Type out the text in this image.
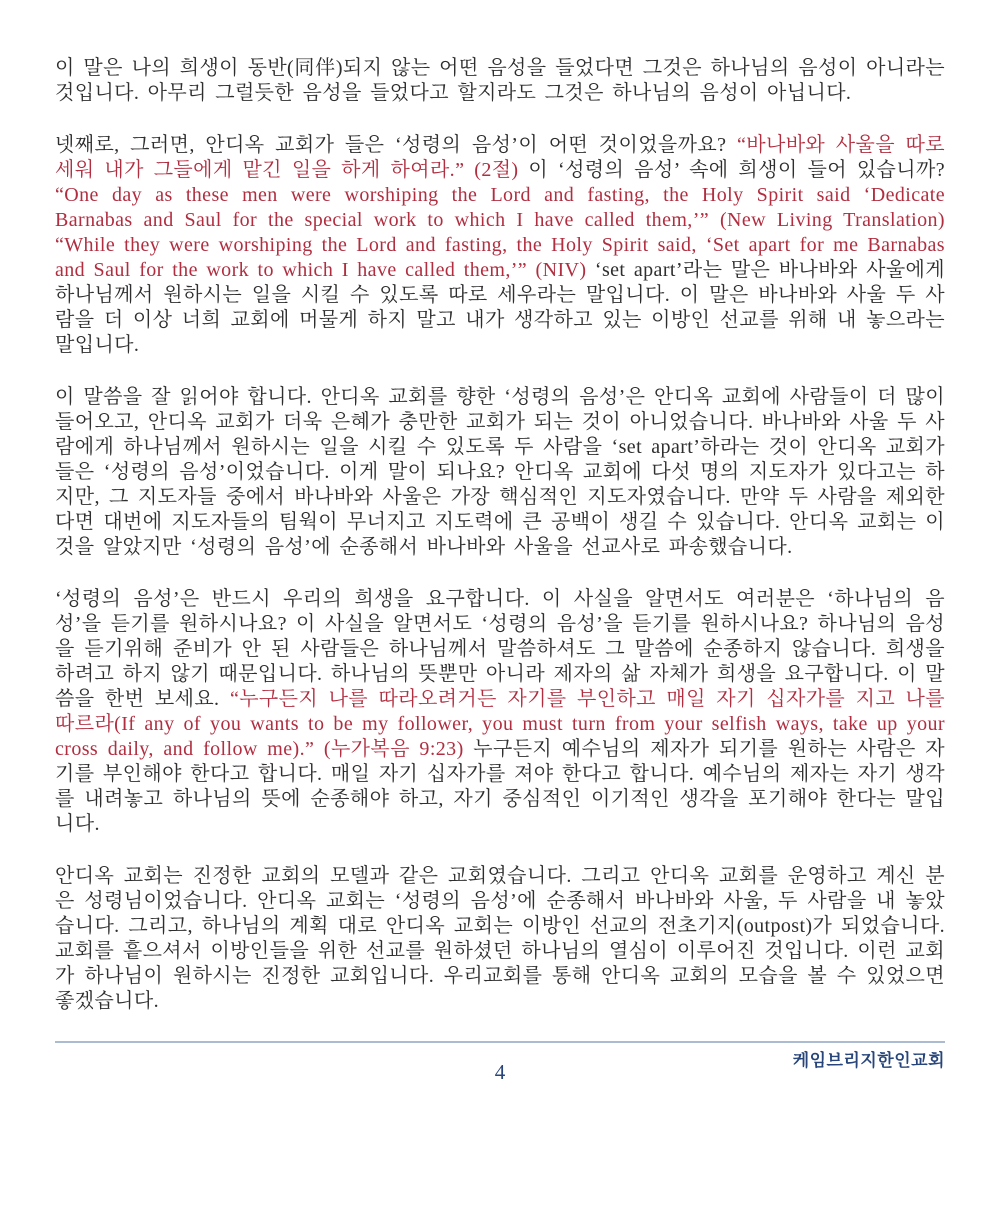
이 말은 나의 희생이 동반(同伴)되지 않는 어떤 음성을 들었다면 그것은 하나님의 음성이 아니라는 것입니다. 아무리 그럴듯한 음성을 들었다고 할지라도 그것은 하나님의 음성이 아닙니다.

넷째로, 그러면, 안디옥 교회가 들은 ‘성령의 음성’이 어떤 것이었을까요? “바나바와 사울을 따로 세워 내가 그들에게 맡긴 일을 하게 하여라.” (2절) 이 ‘성령의 음성’ 속에 희생이 들어 있습니까? “One day as these men were worshiping the Lord and fasting, the Holy Spirit said ‘Dedicate Barnabas and Saul for the special work to which I have called them,’” (New Living Translation) “While they were worshiping the Lord and fasting, the Holy Spirit said, ‘Set apart for me Barnabas and Saul for the work to which I have called them,’” (NIV) ‘set apart’라는 말은 바나바와 사울에게 하나님께서 원하시는 일을 시킬 수 있도록 따로 세우라는 말입니다. 이 말은 바나바와 사울 두 사람을 더 이상 너희 교회에 머물게 하지 말고 내가 생각하고 있는 이방인 선교를 위해 내 놓으라는 말입니다.

이 말씀을 잘 읽어야 합니다. 안디옥 교회를 향한 ‘성령의 음성’은 안디옥 교회에 사람들이 더 많이 들어오고, 안디옥 교회가 더욱 은혜가 충만한 교회가 되는 것이 아니었습니다. 바나바와 사울 두 사람에게 하나님께서 원하시는 일을 시킬 수 있도록 두 사람을 ‘set apart’하라는 것이 안디옥 교회가 들은 ‘성령의 음성’이었습니다. 이게 말이 되나요? 안디옥 교회에 다섯 명의 지도자가 있다고는 하지만, 그 지도자들 중에서 바나바와 사울은 가장 핵심적인 지도자였습니다. 만약 두 사람을 제외한다면 대번에 지도자들의 팀웍이 무너지고 지도력에 큰 공백이 생길 수 있습니다. 안디옥 교회는 이것을 알았지만 ‘성령의 음성’에 순종해서 바나바와 사울을 선교사로 파송했습니다.

‘성령의 음성’은 반드시 우리의 희생을 요구합니다. 이 사실을 알면서도 여러분은 ‘하나님의 음성’을 듣기를 원하시나요? 이 사실을 알면서도 ‘성령의 음성’을 듣기를 원하시나요? 하나님의 음성을 듣기위해 준비가 안 된 사람들은 하나님께서 말씀하셔도 그 말씀에 순종하지 않습니다. 희생을 하려고 하지 않기 때문입니다. 하나님의 뜻뿐만 아니라 제자의 삶 자체가 희생을 요구합니다. 이 말씀을 한번 보세요. “누구든지 나를 따라오려거든 자기를 부인하고 매일 자기 십자가를 지고 나를 따르라(If any of you wants to be my follower, you must turn from your selfish ways, take up your cross daily, and follow me).” (누가복음 9:23) 누구든지 예수님의 제자가 되기를 원하는 사람은 자기를 부인해야 한다고 합니다. 매일 자기 십자가를 져야 한다고 합니다. 예수님의 제자는 자기 생각를 내려놓고 하나님의 뜻에 순종해야 하고, 자기 중심적인 이기적인 생각을 포기해야 한다는 말입니다.

안디옥 교회는 진정한 교회의 모델과 같은 교회였습니다. 그리고 안디옥 교회를 운영하고 계신 분은 성령님이었습니다. 안디옥 교회는 ‘성령의 음성’에 순종해서 바나바와 사울, 두 사람을 내 놓았습니다. 그리고, 하나님의 계획 대로 안디옥 교회는 이방인 선교의 전초기지(outpost)가 되었습니다. 교회를 흩으셔서 이방인들을 위한 선교를 원하셨던 하나님의 열심이 이루어진 것입니다. 이런 교회가 하나님이 원하시는 진정한 교회입니다. 우리교회를 통해 안디옥 교회의 모습을 볼 수 있었으면 좋겠습니다.

케임브리지한인교회
4
